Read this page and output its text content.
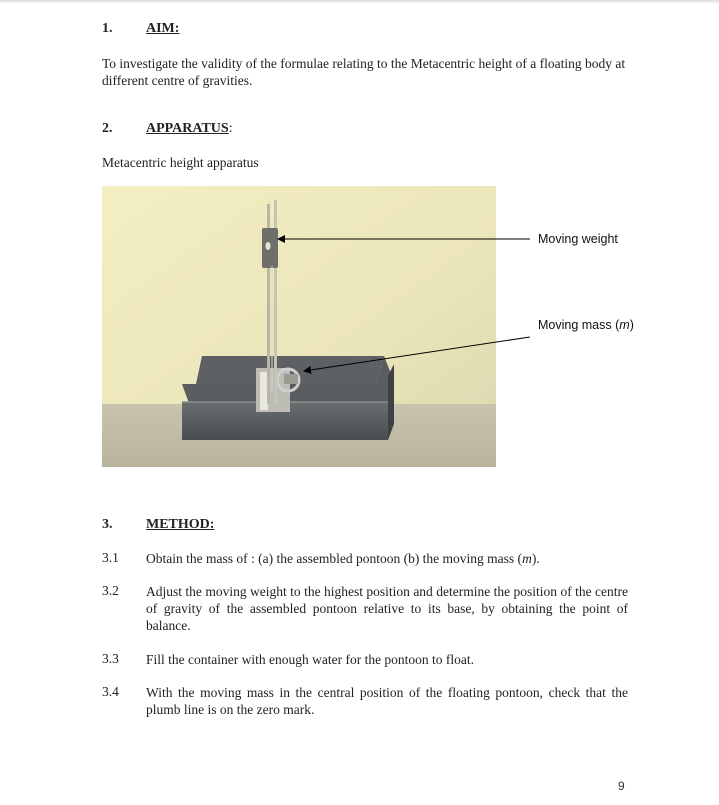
1. AIM:
To investigate the validity of the formulae relating to the Metacentric height of a floating body at different centre of gravities.
2. APPARATUS:
Metacentric height apparatus
Moving weight
Moving mass (m)
3. METHOD:
3.1 Obtain the mass of : (a) the assembled pontoon (b) the moving mass (m).
3.2 Adjust the moving weight to the highest position and determine the position of the centre of gravity of the assembled pontoon relative to its base, by obtaining the point of balance.
3.3 Fill the container with enough water for the pontoon to float.
3.4 With the moving mass in the central position of the floating pontoon, check that the plumb line is on the zero mark.
9
